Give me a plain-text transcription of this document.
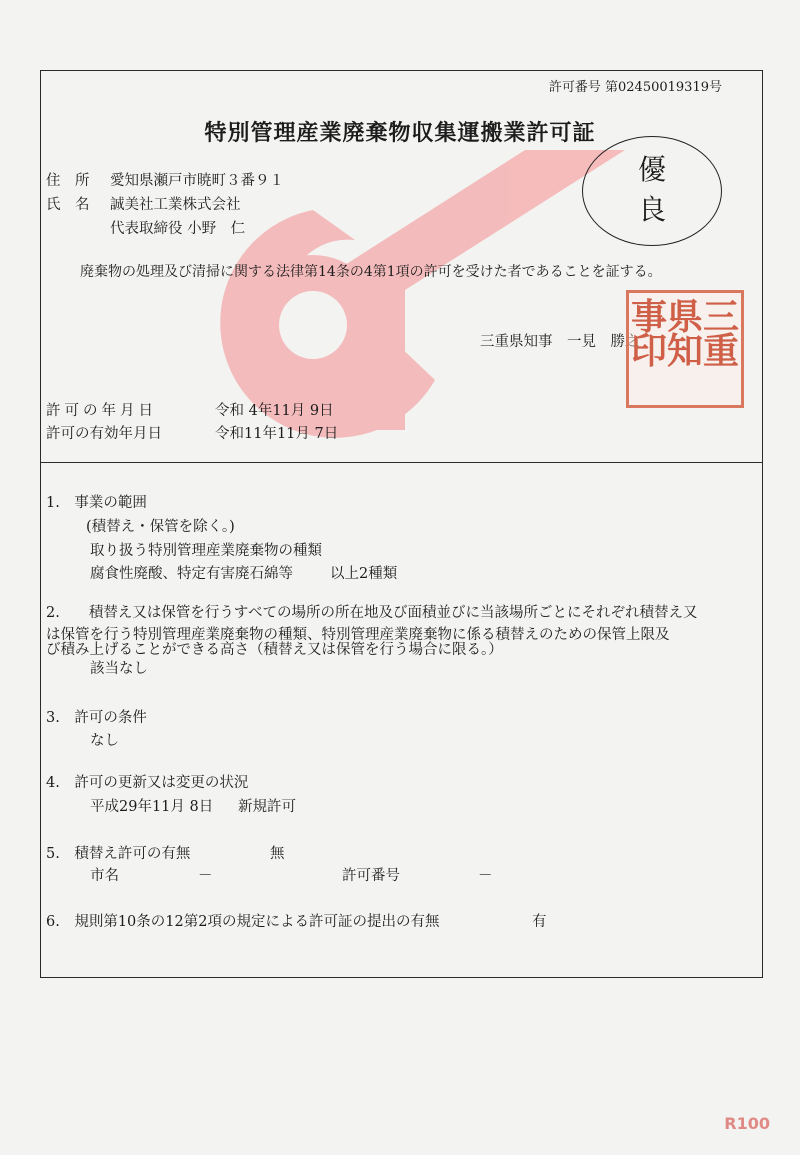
許可番号 第02450019319号
特別管理産業廃棄物収集運搬業許可証
優
良
住　所 愛知県瀬戸市暁町３番９１
氏　名 誠美社工業株式会社
代表取締役 小野　仁
廃棄物の処理及び清掃に関する法律第14条の4第1項の許可を受けた者であることを証する。
三重県知事　一見　勝之
三
重
県
知
事
印
許可の年月日	令和 4年11月 9日
許可の有効年月日	令和11年11月 7日
1.　事業の範囲
(積替え・保管を除く。)
取り扱う特別管理産業廃棄物の種類
腐食性廃酸、特定有害廃石綿等	以上2種類
2.　　積替え又は保管を行うすべての場所の所在地及び面積並びに当該場所ごとにそれぞれ積替え又
は保管を行う特別管理産業廃棄物の種類、特別管理産業廃棄物に係る積替えのための保管上限及
び積み上げることができる高さ（積替え又は保管を行う場合に限る。）
該当なし
3.　許可の条件
なし
4.　許可の更新又は変更の状況
平成29年11月 8日 新規許可
5.　積替え許可の有無	無
市名	－	許可番号	－
6.　規則第10条の12第2項の規定による許可証の提出の有無	有
R100
